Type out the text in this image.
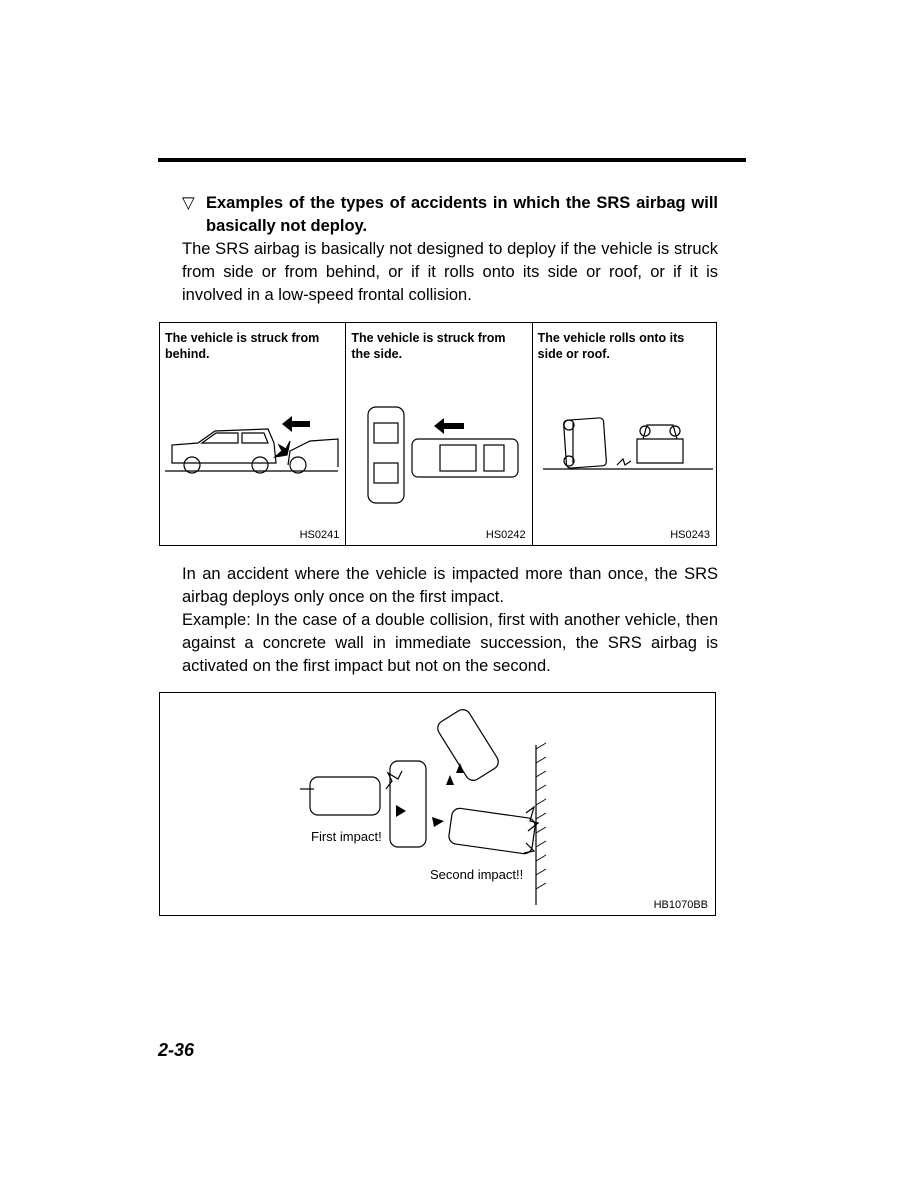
▽ Examples of the types of accidents in which the SRS airbag will basically not deploy.

The SRS airbag is basically not designed to deploy if the vehicle is struck from side or from behind, or if it rolls onto its side or roof, or if it is involved in a low-speed frontal collision.

The vehicle is struck from behind.
HS0241
The vehicle is struck from the side.
HS0242
The vehicle rolls onto its side or roof.
HS0243

In an accident where the vehicle is impacted more than once, the SRS airbag deploys only once on the first impact.
Example: In the case of a double collision, first with another vehicle, then against a concrete wall in immediate succession, the SRS airbag is activated on the first impact but not on the second.

First impact!
Second impact!!
HB1070BB
2-36
